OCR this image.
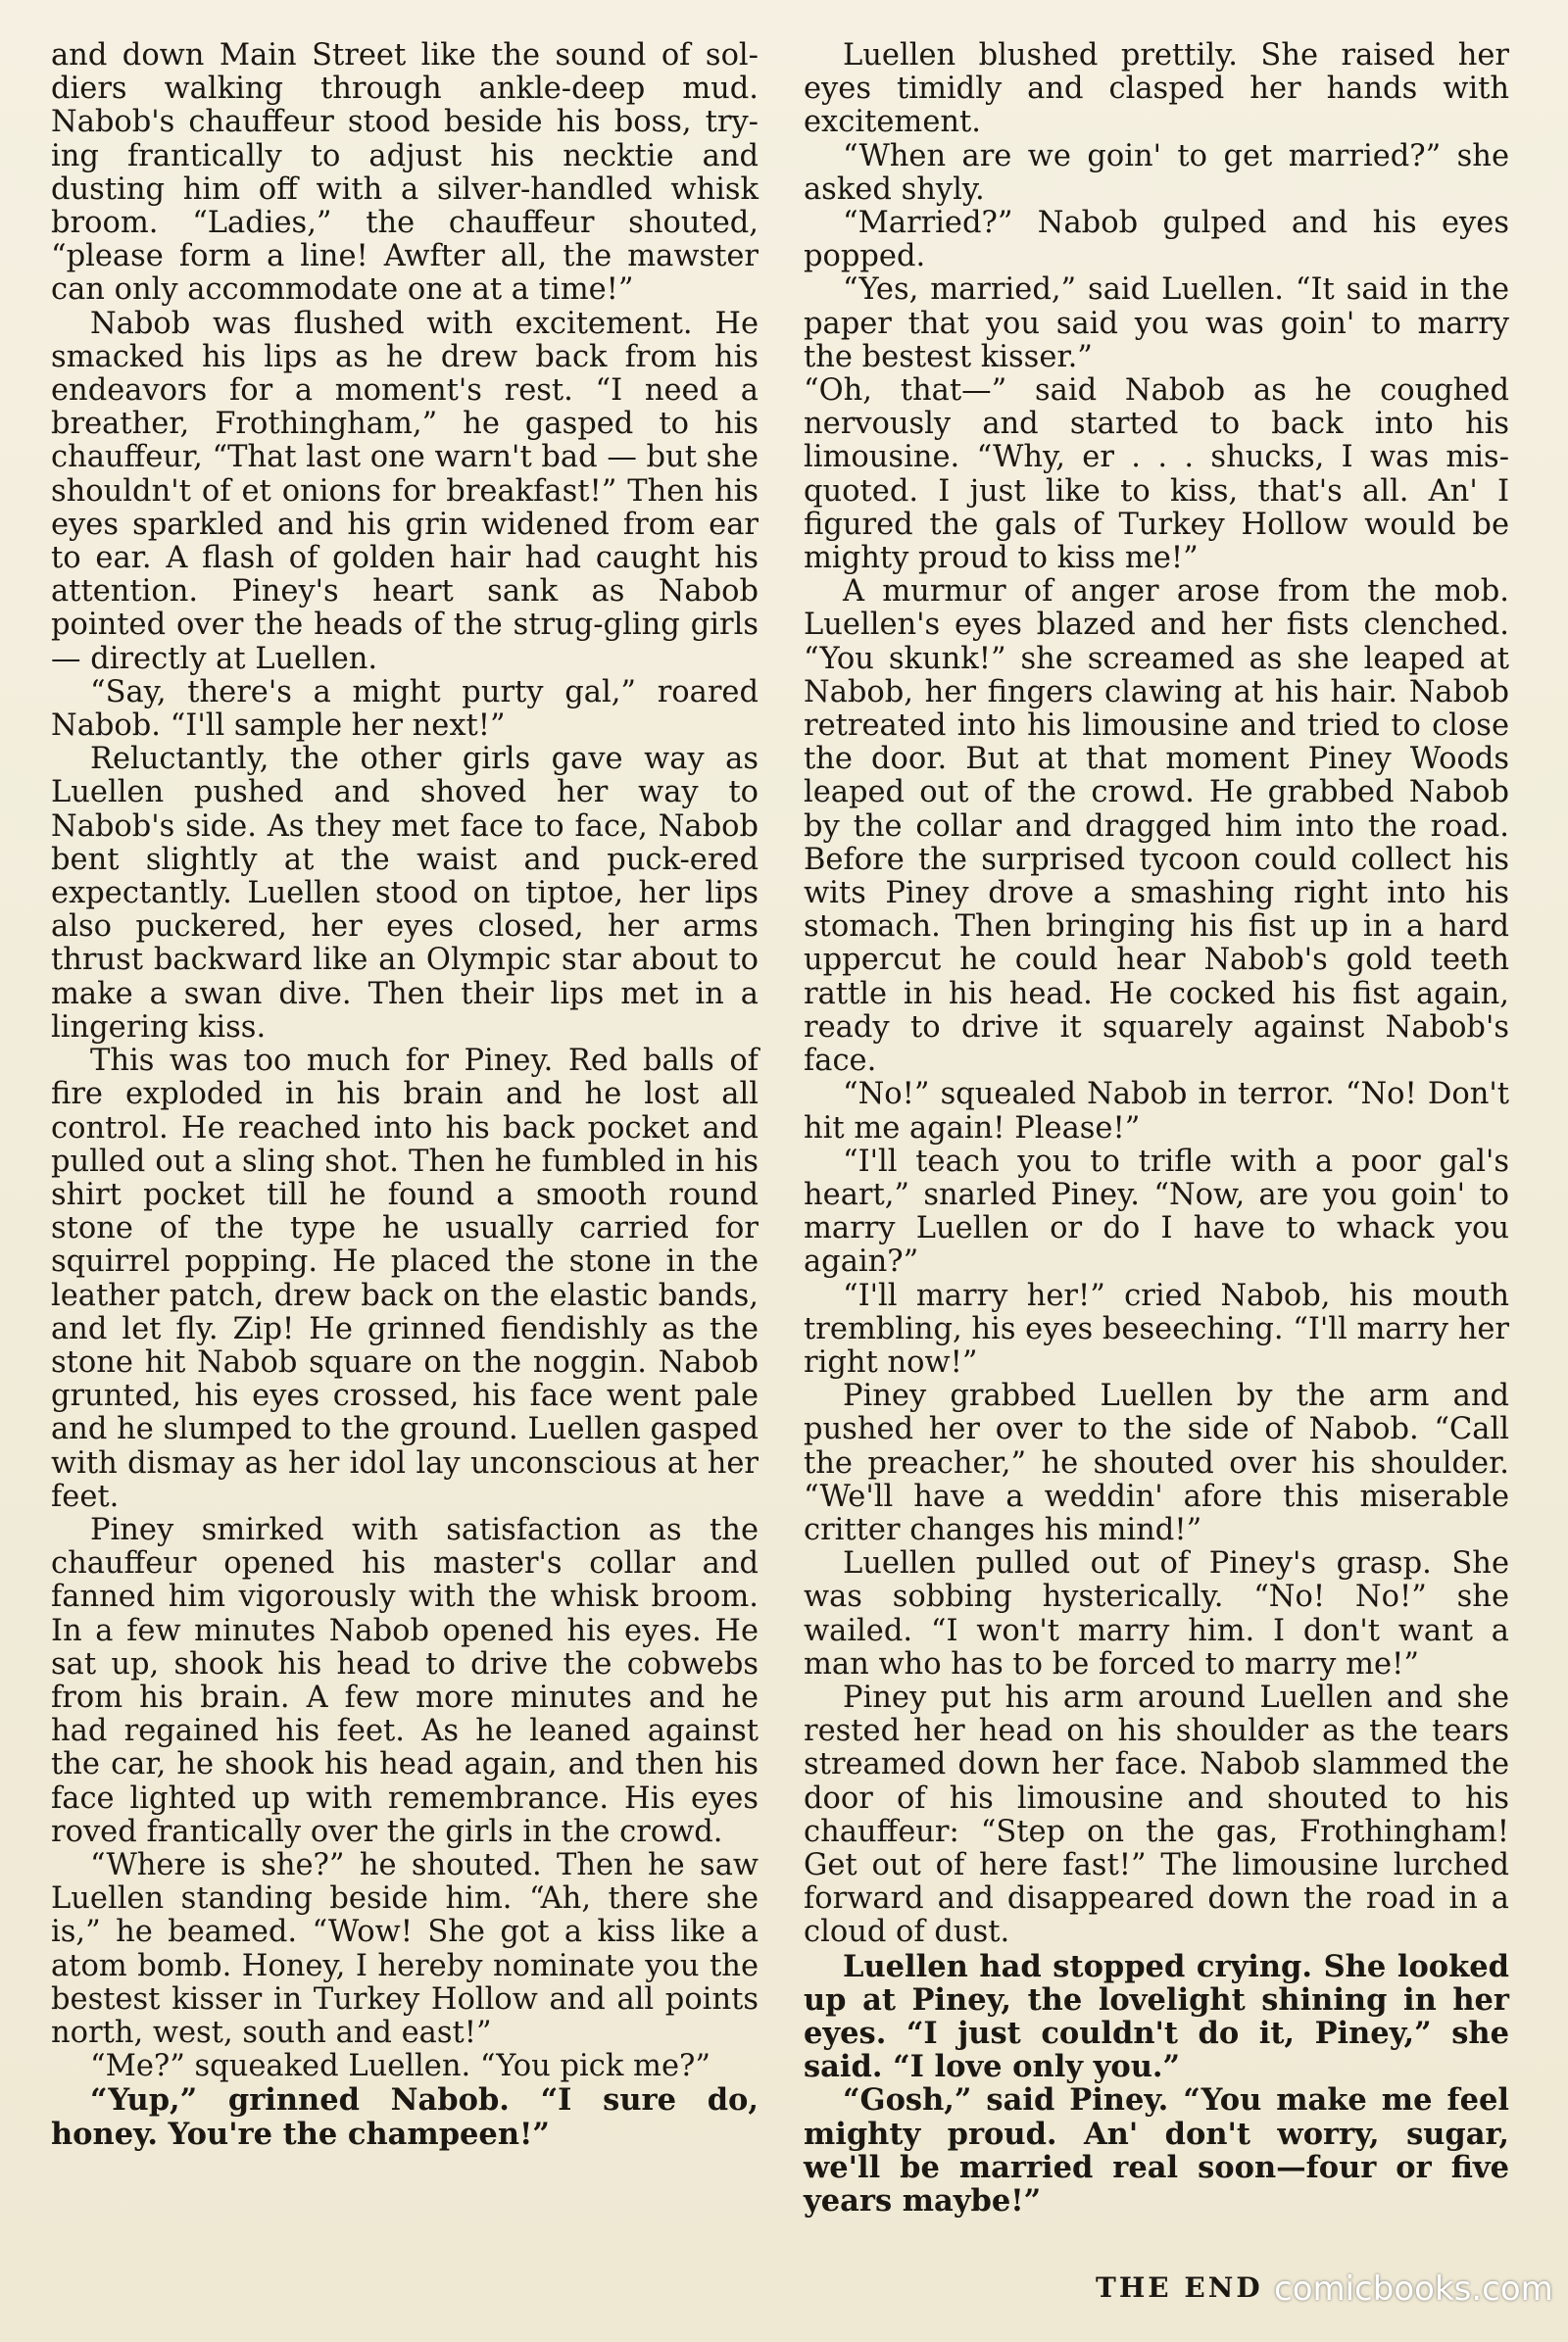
and down Main Street like the sound of sol-diers walking through ankle-deep mud. Nabob's chauffeur stood beside his boss, try-ing frantically to adjust his necktie and dusting him off with a silver-handled whisk broom. “Ladies,” the chauffeur shouted, “please form a line! Awfter all, the mawster can only accommodate one at a time!”

Nabob was flushed with excitement. He smacked his lips as he drew back from his endeavors for a moment's rest. “I need a breather, Frothingham,” he gasped to his chauffeur, “That last one warn't bad — but she shouldn't of et onions for breakfast!” Then his eyes sparkled and his grin widened from ear to ear. A flash of golden hair had caught his attention. Piney's heart sank as Nabob pointed over the heads of the strug-gling girls — directly at Luellen.

“Say, there's a might purty gal,” roared Nabob. “I'll sample her next!”

Reluctantly, the other girls gave way as Luellen pushed and shoved her way to Nabob's side. As they met face to face, Nabob bent slightly at the waist and puck-ered expectantly. Luellen stood on tiptoe, her lips also puckered, her eyes closed, her arms thrust backward like an Olympic star about to make a swan dive. Then their lips met in a lingering kiss.

This was too much for Piney. Red balls of fire exploded in his brain and he lost all control. He reached into his back pocket and pulled out a sling shot. Then he fumbled in his shirt pocket till he found a smooth round stone of the type he usually carried for squirrel popping. He placed the stone in the leather patch, drew back on the elastic bands, and let fly. Zip! He grinned fiendishly as the stone hit Nabob square on the noggin. Nabob grunted, his eyes crossed, his face went pale and he slumped to the ground. Luellen gasped with dismay as her idol lay unconscious at her feet.

Piney smirked with satisfaction as the chauffeur opened his master's collar and fanned him vigorously with the whisk broom. In a few minutes Nabob opened his eyes. He sat up, shook his head to drive the cobwebs from his brain. A few more minutes and he had regained his feet. As he leaned against the car, he shook his head again, and then his face lighted up with remembrance. His eyes roved frantically over the girls in the crowd.

“Where is she?” he shouted. Then he saw Luellen standing beside him. “Ah, there she is,” he beamed. “Wow! She got a kiss like a atom bomb. Honey, I hereby nominate you the bestest kisser in Turkey Hollow and all points north, west, south and east!”

“Me?” squeaked Luellen. “You pick me?”

“Yup,” grinned Nabob. “I sure do, honey. You're the champeen!”

Luellen blushed prettily. She raised her eyes timidly and clasped her hands with excitement.

“When are we goin' to get married?” she asked shyly.

“Married?” Nabob gulped and his eyes popped.

“Yes, married,” said Luellen. “It said in the paper that you said you was goin' to marry the bestest kisser.”

“Oh, that—” said Nabob as he coughed nervously and started to back into his limousine. “Why, er . . . shucks, I was mis-quoted. I just like to kiss, that's all. An' I figured the gals of Turkey Hollow would be mighty proud to kiss me!”

A murmur of anger arose from the mob. Luellen's eyes blazed and her fists clenched. “You skunk!” she screamed as she leaped at Nabob, her fingers clawing at his hair. Nabob retreated into his limousine and tried to close the door. But at that moment Piney Woods leaped out of the crowd. He grabbed Nabob by the collar and dragged him into the road. Before the surprised tycoon could collect his wits Piney drove a smashing right into his stomach. Then bringing his fist up in a hard uppercut he could hear Nabob's gold teeth rattle in his head. He cocked his fist again, ready to drive it squarely against Nabob's face.

“No!” squealed Nabob in terror. “No! Don't hit me again! Please!”

“I'll teach you to trifle with a poor gal's heart,” snarled Piney. “Now, are you goin' to marry Luellen or do I have to whack you again?”

“I'll marry her!” cried Nabob, his mouth trembling, his eyes beseeching. “I'll marry her right now!”

Piney grabbed Luellen by the arm and pushed her over to the side of Nabob. “Call the preacher,” he shouted over his shoulder. “We'll have a weddin' afore this miserable critter changes his mind!”

Luellen pulled out of Piney's grasp. She was sobbing hysterically. “No! No!” she wailed. “I won't marry him. I don't want a man who has to be forced to marry me!”

Piney put his arm around Luellen and she rested her head on his shoulder as the tears streamed down her face. Nabob slammed the door of his limousine and shouted to his chauffeur: “Step on the gas, Frothingham! Get out of here fast!” The limousine lurched forward and disappeared down the road in a cloud of dust.

Luellen had stopped crying. She looked up at Piney, the lovelight shining in her eyes. “I just couldn't do it, Piney,” she said. “I love only you.”

“Gosh,” said Piney. “You make me feel mighty proud. An' don't worry, sugar, we'll be married real soon—four or five years maybe!”

THE END comicbooks.com
